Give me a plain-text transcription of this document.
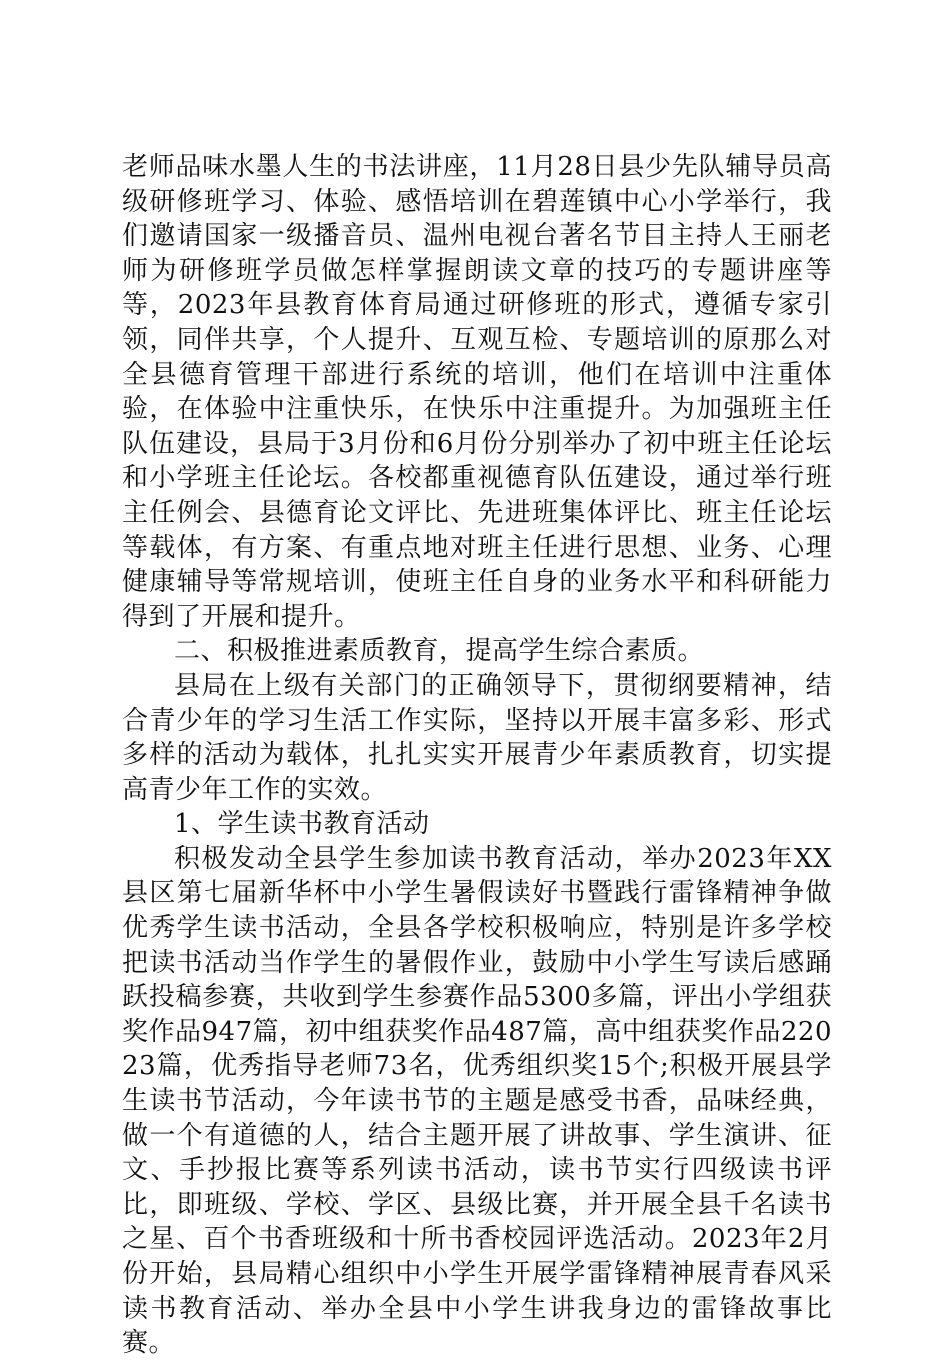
老师品味水墨人生的书法讲座，11月28日县少先队辅导员高级研修班学习、体验、感悟培训在碧莲镇中心小学举行，我们邀请国家一级播音员、温州电视台著名节目主持人王丽老师为研修班学员做怎样掌握朗读文章的技巧的专题讲座等等，2023年县教育体育局通过研修班的形式，遵循专家引领，同伴共享，个人提升、互观互检、专题培训的原那么对全县德育管理干部进行系统的培训，他们在培训中注重体验，在体验中注重快乐，在快乐中注重提升。为加强班主任队伍建设，县局于3月份和6月份分别举办了初中班主任论坛和小学班主任论坛。各校都重视德育队伍建设，通过举行班主任例会、县德育论文评比、先进班集体评比、班主任论坛等载体，有方案、有重点地对班主任进行思想、业务、心理健康辅导等常规培训，使班主任自身的业务水平和科研能力得到了开展和提升。

二、积极推进素质教育，提高学生综合素质。

县局在上级有关部门的正确领导下，贯彻纲要精神，结合青少年的学习生活工作实际，坚持以开展丰富多彩、形式多样的活动为载体，扎扎实实开展青少年素质教育，切实提高青少年工作的实效。

1、学生读书教育活动

积极发动全县学生参加读书教育活动，举办2023年XX县区第七届新华杯中小学生暑假读好书暨践行雷锋精神争做优秀学生读书活动，全县各学校积极响应，特别是许多学校把读书活动当作学生的暑假作业，鼓励中小学生写读后感踊跃投稿参赛，共收到学生参赛作品5300多篇，评出小学组获奖作品947篇，初中组获奖作品487篇，高中组获奖作品22023篇，优秀指导老师73名，优秀组织奖15个;积极开展县学生读书节活动，今年读书节的主题是感受书香，品味经典，做一个有道德的人，结合主题开展了讲故事、学生演讲、征文、手抄报比赛等系列读书活动，读书节实行四级读书评比，即班级、学校、学区、县级比赛，并开展全县千名读书之星、百个书香班级和十所书香校园评选活动。2023年2月份开始，县局精心组织中小学生开展学雷锋精神展青春风采读书教育活动、举办全县中小学生讲我身边的雷锋故事比赛。
